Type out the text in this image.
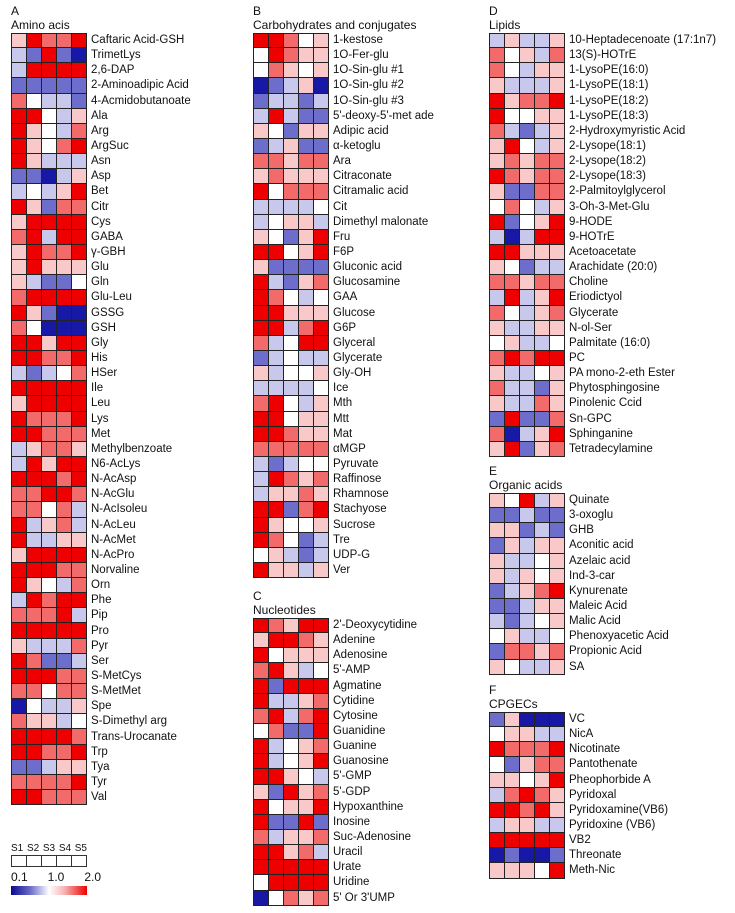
A
Amino acis
Caftaric Acid-GSH
TrimetLys
2,6-DAP
2-Aminoadipic Acid
4-Acmidobutanoate
Ala
Arg
ArgSuc
Asn
Asp
Bet
Citr
Cys
GABA
γ-GBH
Glu
Gln
Glu-Leu
GSSG
GSH
Gly
His
HSer
Ile
Leu
Lys
Met
Methylbenzoate
N6-AcLys
N-AcAsp
N-AcGlu
N-AcIsoleu
N-AcLeu
N-AcMet
N-AcPro
Norvaline
Orn
Phe
Pip
Pro
Pyr
Ser
S-MetCys
S-MetMet
Spe
S-Dimethyl arg
Trans-Urocanate
Trp
Tya
Tyr
Val
B
Carbohydrates and conjugates
1-kestose
1O-Fer-glu
1O-Sin-glu #1
1O-Sin-glu #2
1O-Sin-glu #3
5'-deoxy-5'-met ade
Adipic acid
α-ketoglu
Ara
Citraconate
Citramalic acid
Cit
Dimethyl malonate
Fru
F6P
Gluconic acid
Glucosamine
GAA
Glucose
G6P
Glyceral
Glycerate
Gly-OH
Ice
Mth
Mtt
Mat
αMGP
Pyruvate
Raffinose
Rhamnose
Stachyose
Sucrose
Tre
UDP-G
Ver
C
Nucleotides
2'-Deoxycytidine
Adenine
Adenosine
5'-AMP
Agmatine
Cytidine
Cytosine
Guanidine
Guanine
Guanosine
5'-GMP
5'-GDP
Hypoxanthine
Inosine
Suc-Adenosine
Uracil
Urate
Uridine
5' Or 3'UMP
D
Lipids
10-Heptadecenoate (17:1n7)
13(S)-HOTrE
1-LysoPE(16:0)
1-LysoPE(18:1)
1-LysoPE(18:2)
1-LysoPE(18:3)
2-Hydroxymyristic Acid
2-Lysope(18:1)
2-Lysope(18:2)
2-Lysope(18:3)
2-Palmitoylglycerol
3-Oh-3-Met-Glu
9-HODE
9-HOTrE
Acetoacetate
Arachidate (20:0)
Choline
Eriodictyol
Glycerate
N-ol-Ser
Palmitate (16:0)
PC
PA mono-2-eth Ester
Phytosphingosine
Pinolenic Ccid
Sn-GPC
Sphinganine
Tetradecylamine
E
Organic acids
Quinate
3-oxoglu
GHB
Aconitic acid
Azelaic acid
Ind-3-car
Kynurenate
Maleic Acid
Malic Acid
Phenoxyacetic Acid
Propionic Acid
SA
F
CPGECs
VC
NicA
Nicotinate
Pantothenate
Pheophorbide A
Pyridoxal
Pyridoxamine(VB6)
Pyridoxine (VB6)
VB2
Threonate
Meth-Nic
S1 S2 S3 S4 S5
0.1 1.0 2.0
